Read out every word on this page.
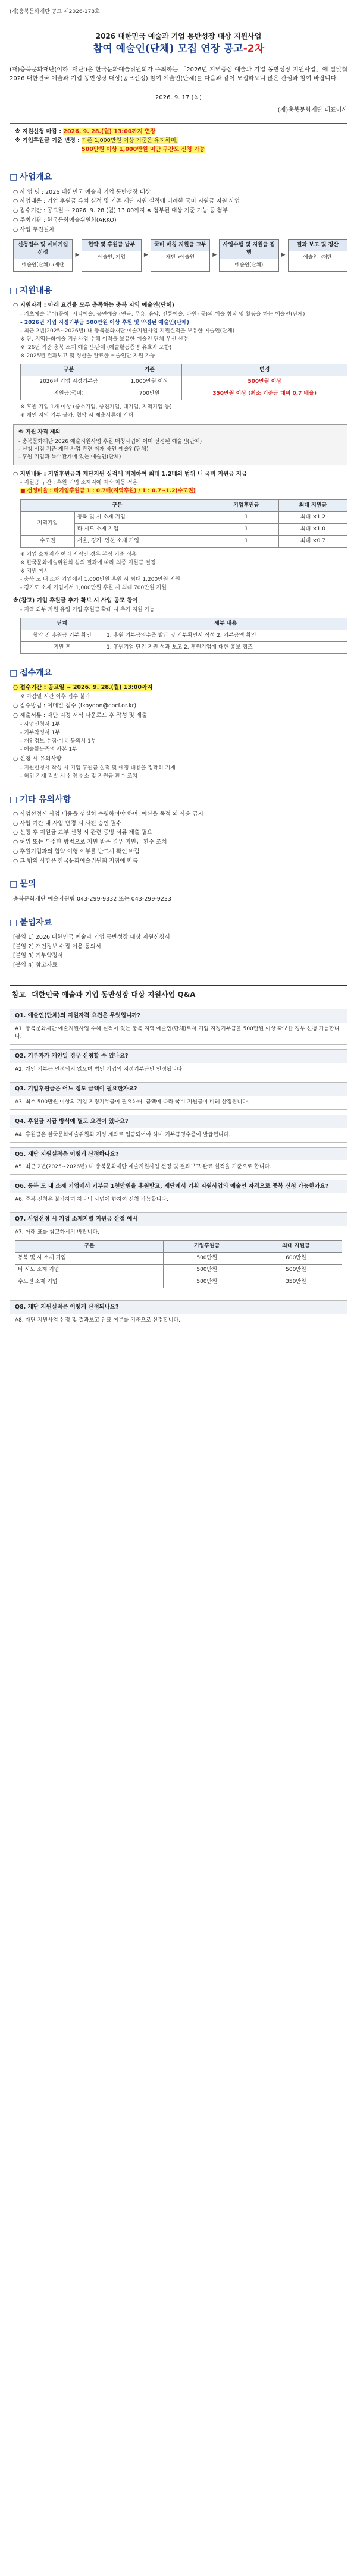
(재)충북문화재단 공고 제2026-178호
2026 대한민국 예술과 기업 동반성장 대상 지원사업
참여 예술인(단체) 모집 연장 공고-2차

(재)충북문화재단(이하 '재단')은 한국문화예술위원회가 주최하는 「2026년 지역중심 예술과 기업 동반성장 지원사업」에 발맞춰 2026 대한민국 예술과 기업 동반성장 대상(공모선정) 참여 예술인(단체)를 다음과 같이 모집하오니 많은 관심과 참여 바랍니다.

2026. 9. 17.(목)
(재)충북문화재단 대표이사

※ 지원신청 마감 : 2026. 9. 28.(월) 13:00까지 연장

※ 기업후원금 기준 변경 : 기존 1,000만원 이상 기준은 유지하며,

500만원 이상 1,000만원 미만 구간도 신청 가능

□ 사업개요
○ 사 업 명 : 2026 대한민국 예술과 기업 동반성장 대상
○ 사업내용 : 기업 후원금 유치 실적 및 기존 재단 지원 실적에 비례한 국비 지원금 지원 사업
○ 접수기간 : 공고일 ~ 2026. 9. 28.(월) 13:00까지 ※ 첨부된 대상 기준 가능 등 첨부
○ 주최기관 : 한국문화예술위원회(ARKO)
○ 사업 추진절차
신청접수 및 예비기업 선정
예술인(단체)→재단
▶
협약 및 후원금 납부
예술인, 기업	▶
국비 매칭 지원금 교부
재단→예술인	▶
사업수행 및 지원금 집행
예술인(단체)
▶
결과 보고 및 정산
예술인→재단
□ 지원내용
○ 지원자격 : 아래 요건을 모두 충족하는 충북 지역 예술인(단체)
- 기초예술 분야(문학, 시각예술, 공연예술 (연극, 무용, 음악, 전통예술, 다원) 등)의 예술 창작 및 활동을 하는 예술인(단체)
- 2026년 기업 지정기부금 500만원 이상 후원 및 약정된 예술인(단체)
- 최근 2년(2025~2026년) 내 충북문화재단 예술지원사업 지원실적을 보유한 예술인(단체)
※ 단, 지역문화예술 지원사업 수혜 이력을 보유한 예술인 단체 우선 선정
※ '26년 기준 충북 소재 예술인·단체 (예술활동증명 유효자 포함)
※ 2025년 결과보고 및 정산을 완료한 예술인만 지원 가능
구분	기존	변경
2026년 기업 지정기부금	1,000만원 이상	500만원 이상
지원금(국비)	700만원	350만원 이상 (최소 기준금 대비 0.7 배율)
※ 후원 기업 1개 이상 (중소기업, 중견기업, 대기업, 지역기업 등)
※ 개인 지역 기부 불가, 협약 시 제출서류에 기재
※ 지원 자격 제외
- 충북문화재단 2026 예술지원사업 후원 매칭사업에 이미 선정된 예술인(단체)
- 신청 시점 기준 재단 사업 관련 제재 중인 예술인(단체)
- 후원 기업과 특수관계에 있는 예술인(단체)
○ 지원내용 : 기업후원금과 재단지원 실적에 비례하여 최대 1.2배의 범위 내 국비 지원금 지급
- 지원금 구간 : 후원 기업 소재지에 따라 차등 적용
■ 선정비율 : 타기업후원금 1 : 0.7배(지역후원) / 1 : 0.7~1.2(수도권)
구분		기업후원금	최대 지원금
지역기업	동북 및 시 소재 기업	1	최대 ×1.2
	타 시도 소재 기업	1	최대 ×1.0
수도권	서울, 경기, 인천 소재 기업	1	최대 ×0.7
※ 기업 소재지가 여러 지역인 경우 본점 기준 적용
※ 한국문화예술위원회 심의 결과에 따라 최종 지원금 결정
※ 지원 예시
- 충북 도 내 소재 기업에서 1,000만원 후원 시 최대 1,200만원 지원
- 경기도 소재 기업에서 1,000만원 후원 시 최대 700만원 지원
※(참고) 기업 후원금 추가 확보 시 사업 공모 참여
- 지역 외부 자원 유입 기업 후원금 확대 시 추가 지원 가능
단계	세부 내용
협약 전 후원금 기부 확인	1. 후원 기부금영수증 발급 및 기부확인서 작성 2. 기부금액 확인
지원 후	1. 후원기업 단위 지원 성과 보고 2. 후원기업에 대한 홍보 협조
□ 접수개요
○ 접수기간 : 공고일 ~ 2026. 9. 28.(월) 13:00까지
※ 마감일 시간 이후 접수 불가
○ 접수방법 : 이메일 접수 (fkoyoon@cbcf.or.kr)
○ 제출서류 : 재단 지정 서식 다운로드 후 작성 및 제출
- 사업신청서 1부
- 기부약정서 1부
- 개인정보 수집·이용 동의서 1부
- 예술활동증명 사본 1부
○ 신청 시 유의사항
- 지원신청서 작성 시 기업 후원금 실적 및 예정 내용을 정확히 기재
- 허위 기재 적발 시 선정 취소 및 지원금 환수 조치
□ 기타 유의사항
○ 사업선정시 사업 내용을 성실히 수행하여야 하며, 예산을 목적 외 사용 금지
○ 사업 기간 내 사업 변경 시 사전 승인 필수
○ 선정 후 지원금 교부 신청 시 관련 증빙 서류 제출 필요
○ 허위 또는 부정한 방법으로 지원 받은 경우 지원금 환수 조치
○ 후원기업과의 협약 이행 여부를 반드시 확인 바람
○ 그 밖의 사항은 한국문화예술위원회 지침에 따름
□ 문의
충북문화재단 예술지원팀 043-299-9332 또는 043-299-9233
□ 붙임자료
[붙임 1] 2026 대한민국 예술과 기업 동반성장 대상 지원신청서
[붙임 2] 개인정보 수집·이용 동의서
[붙임 3] 기부약정서
[붙임 4] 참고자료
참고 대한민국 예술과 기업 동반성장 대상 지원사업 Q&A
Q1. 예술인(단체)의 지원자격 요건은 무엇입니까?
A1. 충북문화재단 예술지원사업 수혜 실적이 있는 충북 지역 예술인(단체)로서 기업 지정기부금을 500만원 이상 확보한 경우 신청 가능합니다.
Q2. 기부자가 개인일 경우 신청할 수 있나요?
A2. 개인 기부는 인정되지 않으며 법인 기업의 지정기부금만 인정됩니다.
Q3. 기업후원금은 어느 정도 금액이 필요한가요?
A3. 최소 500만원 이상의 기업 지정기부금이 필요하며, 금액에 따라 국비 지원금이 비례 산정됩니다.
Q4. 후원금 지급 방식에 별도 요건이 있나요?
A4. 후원금은 한국문화예술위원회 지정 계좌로 입금되어야 하며 기부금영수증이 발급됩니다.
Q5. 재단 지원실적은 어떻게 산정하나요?
A5. 최근 2년(2025~2026년) 내 충북문화재단 예술지원사업 선정 및 결과보고 완료 실적을 기준으로 합니다.
Q6. 동북 도 내 소재 기업에서 기부금 1천만원을 후원받고, 재단에서 기획 지원사업의 예술인 자격으로 중복 신청 가능한가요?
A6. 중복 신청은 불가하며 하나의 사업에 한하여 신청 가능합니다.
Q7. 사업선정 시 기업 소재지별 지원금 산정 예시
A7. 아래 표를 참고하시기 바랍니다.
구분	기업후원금	최대 지원금
동북 및 시 소재 기업	500만원	600만원
타 시도 소재 기업	500만원	500만원
수도권 소재 기업	500만원	350만원
Q8. 재단 지원실적은 어떻게 산정되나요?
A8. 재단 지원사업 선정 및 결과보고 완료 여부를 기준으로 산정합니다.
